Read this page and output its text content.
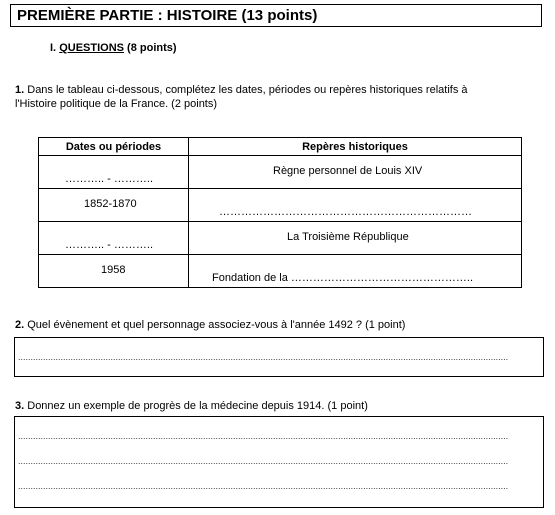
PREMIÈRE PARTIE : HISTOIRE (13 points)
I. QUESTIONS (8 points)
1. Dans le tableau ci-dessous, complétez les dates, périodes ou repères historiques relatifs à
l'Histoire politique de la France. (2 points)
Dates ou périodes	Repères historiques

……….. - ………..	Règne personnel de Louis XIV

1852-1870	……………………………………………………………

……….. - ………..	La Troisième République

1958	Fondation de la …………………………………………..
2. Quel évènement et quel personnage associez-vous à l'année 1492 ? (1 point)
....................................................................................................................................................................................................
3. Donnez un exemple de progrès de la médecine depuis 1914. (1 point)
....................................................................................................................................................................................................
....................................................................................................................................................................................................
....................................................................................................................................................................................................
